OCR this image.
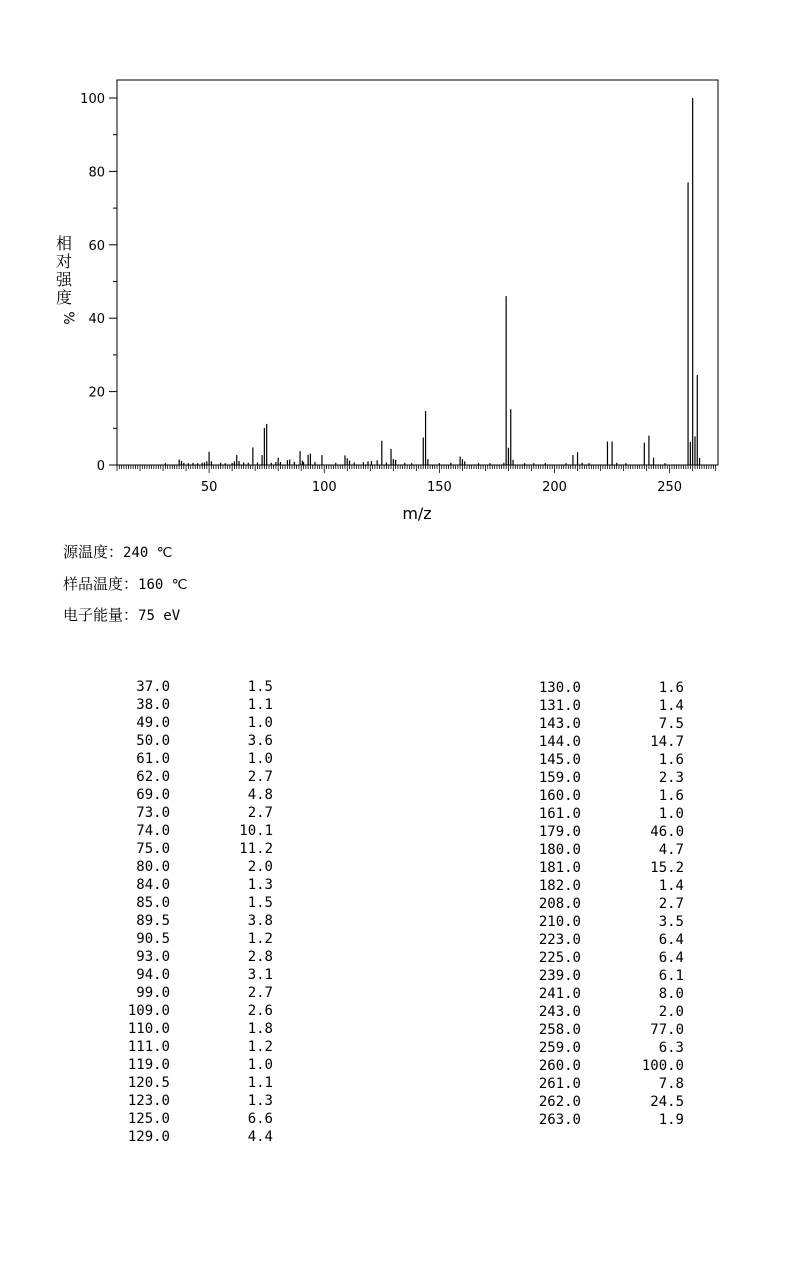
0
20
40
60
80
100
50	100	150	200	250
m/z
相
对
强
度
%
源温度：240 ℃
样品温度：160 ℃
电子能量：75 eV
37.0	1.5
38.0	1.1
49.0	1.0
50.0	3.6
61.0	1.0
62.0	2.7
69.0	4.8
73.0	2.7
74.0	10.1
75.0	11.2
80.0	2.0
84.0	1.3
85.0	1.5
89.5	3.8
90.5	1.2
93.0	2.8
94.0	3.1
99.0	2.7
109.0	2.6
110.0	1.8
111.0	1.2
119.0	1.0
120.5	1.1
123.0	1.3
125.0	6.6
129.0	4.4
130.0	1.6
131.0	1.4
143.0	7.5
144.0	14.7
145.0	1.6
159.0	2.3
160.0	1.6
161.0	1.0
179.0	46.0
180.0	4.7
181.0	15.2
182.0	1.4
208.0	2.7
210.0	3.5
223.0	6.4
225.0	6.4
239.0	6.1
241.0	8.0
243.0	2.0
258.0	77.0
259.0	6.3
260.0	100.0
261.0	7.8
262.0	24.5
263.0	1.9
